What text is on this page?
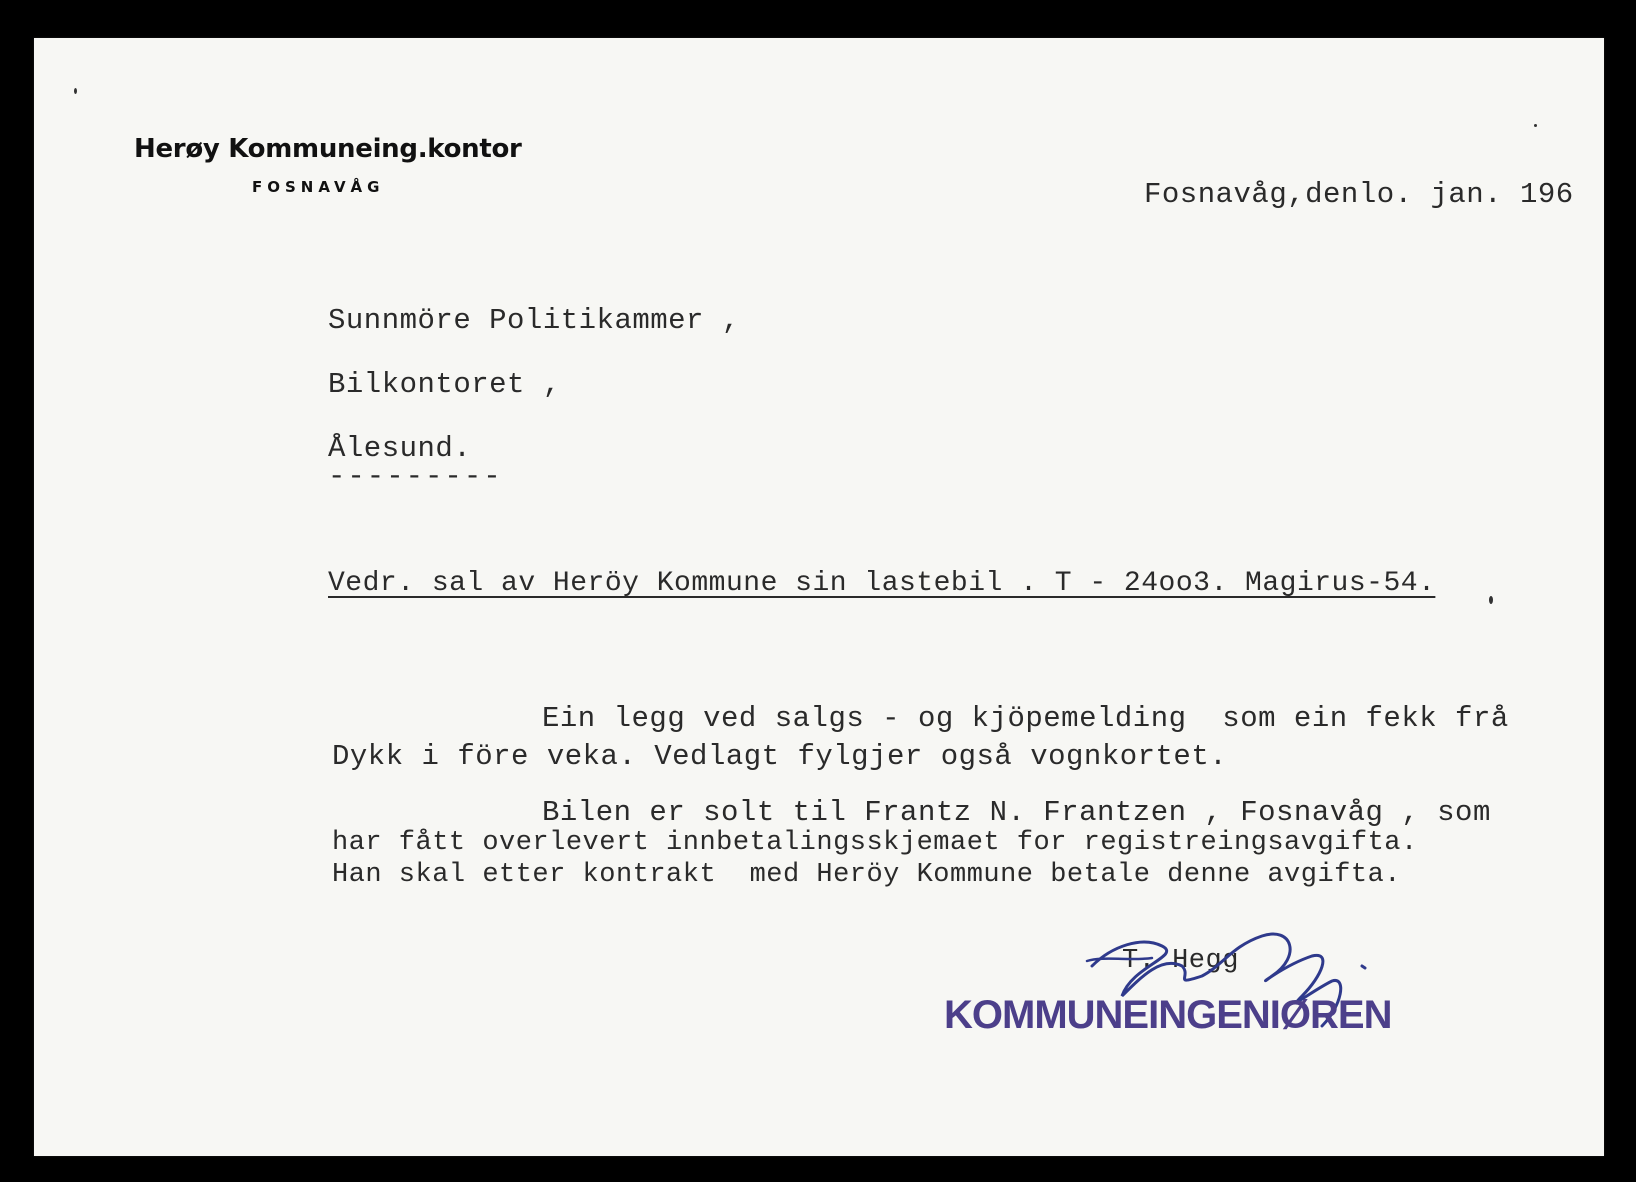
Herøy Kommuneing.kontor
FOSNAVÅG	Fosnavåg,denlo. jan. 196
Sunnmöre Politikammer ,
Bilkontoret ,
Ålesund.
---------
Vedr. sal av Heröy Kommune sin lastebil . T - 24oo3. Magirus-54.
Ein legg ved salgs - og kjöpemelding  som ein fekk frå
Dykk i före veka. Vedlagt fylgjer også vognkortet.
Bilen er solt til Frantz N. Frantzen , Fosnavåg , som
har fått overlevert innbetalingsskjemaet for registreingsavgifta.
Han skal etter kontrakt  med Heröy Kommune betale denne avgifta.
T. Hegg

KOMMUNEINGENIØREN
